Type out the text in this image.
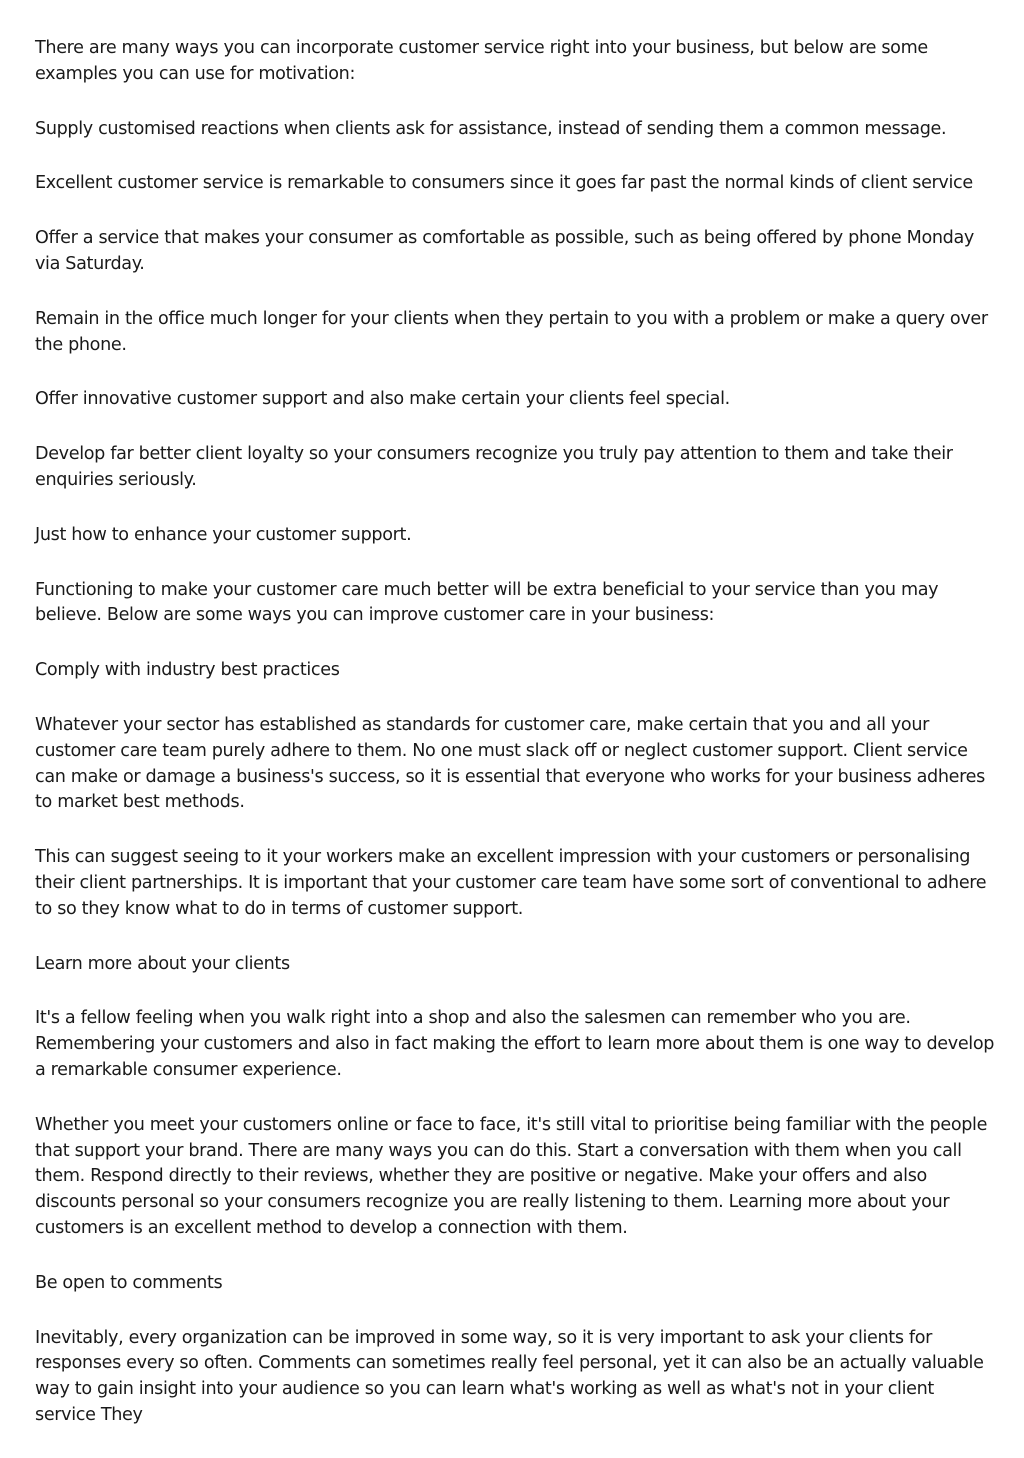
There are many ways you can incorporate customer service right into your business, but below are some examples you can use for motivation:

Supply customised reactions when clients ask for assistance, instead of sending them a common message.

Excellent customer service is remarkable to consumers since it goes far past the normal kinds of client service

Offer a service that makes your consumer as comfortable as possible, such as being offered by phone Monday via Saturday.

Remain in the office much longer for your clients when they pertain to you with a problem or make a query over the phone.

Offer innovative customer support and also make certain your clients feel special.

Develop far better client loyalty so your consumers recognize you truly pay attention to them and take their enquiries seriously.

Just how to enhance your customer support.

Functioning to make your customer care much better will be extra beneficial to your service than you may believe. Below are some ways you can improve customer care in your business:

Comply with industry best practices

Whatever your sector has established as standards for customer care, make certain that you and all your customer care team purely adhere to them. No one must slack off or neglect customer support. Client service can make or damage a business's success, so it is essential that everyone who works for your business adheres to market best methods.

This can suggest seeing to it your workers make an excellent impression with your customers or personalising their client partnerships. It is important that your customer care team have some sort of conventional to adhere to so they know what to do in terms of customer support.

Learn more about your clients

It's a fellow feeling when you walk right into a shop and also the salesmen can remember who you are. Remembering your customers and also in fact making the effort to learn more about them is one way to develop a remarkable consumer experience.

Whether you meet your customers online or face to face, it's still vital to prioritise being familiar with the people that support your brand. There are many ways you can do this. Start a conversation with them when you call them. Respond directly to their reviews, whether they are positive or negative. Make your offers and also discounts personal so your consumers recognize you are really listening to them. Learning more about your customers is an excellent method to develop a connection with them.

Be open to comments

Inevitably, every organization can be improved in some way, so it is very important to ask your clients for responses every so often. Comments can sometimes really feel personal, yet it can also be an actually valuable way to gain insight into your audience so you can learn what's working as well as what's not in your client service They
